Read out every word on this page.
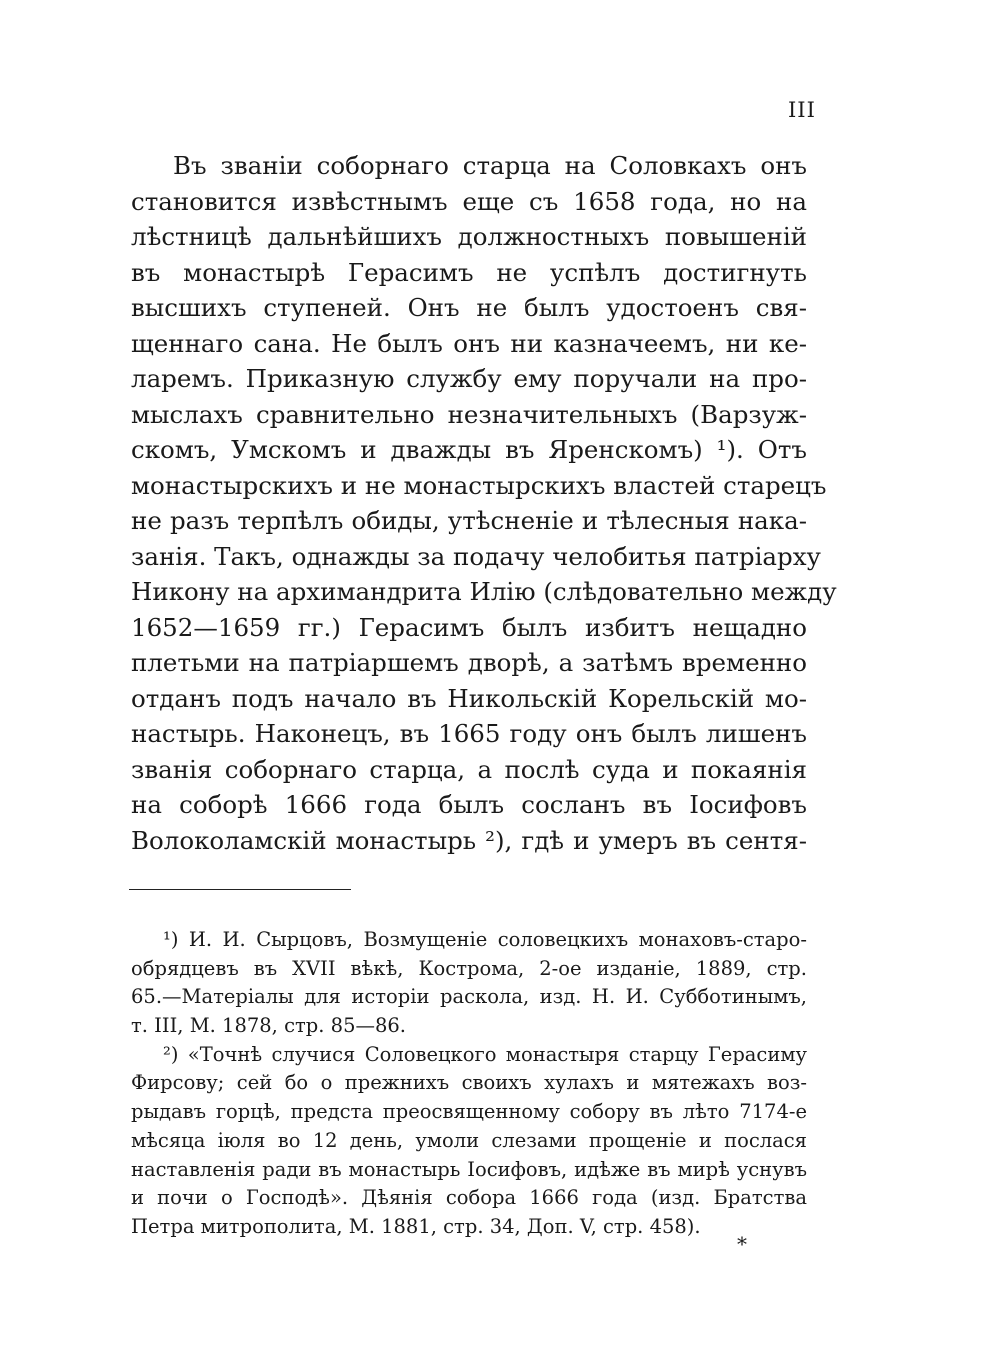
III
Въ званіи соборнаго старца на Соловкахъ онъ
становится извѣстнымъ еще съ 1658 года, но на
лѣстницѣ дальнѣйшихъ должностныхъ повышеній
въ монастырѣ Герасимъ не успѣлъ достигнуть
высшихъ ступеней. Онъ не былъ удостоенъ свя-
щеннаго сана. Не былъ онъ ни казначеемъ, ни ке-
ларемъ. Приказную службу ему поручали на про-
мыслахъ сравнительно незначительныхъ (Варзуж-
скомъ, Умскомъ и дважды въ Яренскомъ) ¹). Отъ
монастырскихъ и не монастырскихъ властей старецъ
не разъ терпѣлъ обиды, утѣсненіе и тѣлесныя нака-
занія. Такъ, однажды за подачу челобитья патріарху
Никону на архимандрита Илію (слѣдовательно между
1652—1659 гг.) Герасимъ былъ избитъ нещадно
плетьми на патріаршемъ дворѣ, а затѣмъ временно
отданъ подъ начало въ Никольскій Корельскій мо-
настырь. Наконецъ, въ 1665 году онъ былъ лишенъ
званія соборнаго старца, а послѣ суда и покаянія
на соборѣ 1666 года былъ сосланъ въ Іосифовъ
Волоколамскій монастырь ²), гдѣ и умеръ въ сентя-
¹) И. И. Сырцовъ, Возмущеніе соловецкихъ монаховъ-старо-
обрядцевъ въ XVII вѣкѣ, Кострома, 2-ое изданіе, 1889, стр.
65.—Матеріалы для исторіи раскола, изд. Н. И. Субботинымъ,
т. III, М. 1878, стр. 85—86.
²) «Точнѣ случися Соловецкого монастыря старцу Герасиму
Фирсову; сей бо о прежнихъ своихъ хулахъ и мятежахъ воз-
рыдавъ горцѣ, предста преосвященному собору въ лѣто 7174-е
мѣсяца іюля во 12 день, умоли слезами прощеніе и послася
наставленія ради въ монастырь Іосифовъ, идѣже въ мирѣ уснувъ
и почи о Господѣ». Дѣянія собора 1666 года (изд. Братства
Петра митрополита, М. 1881, стр. 34, Доп. V, стр. 458).
*
